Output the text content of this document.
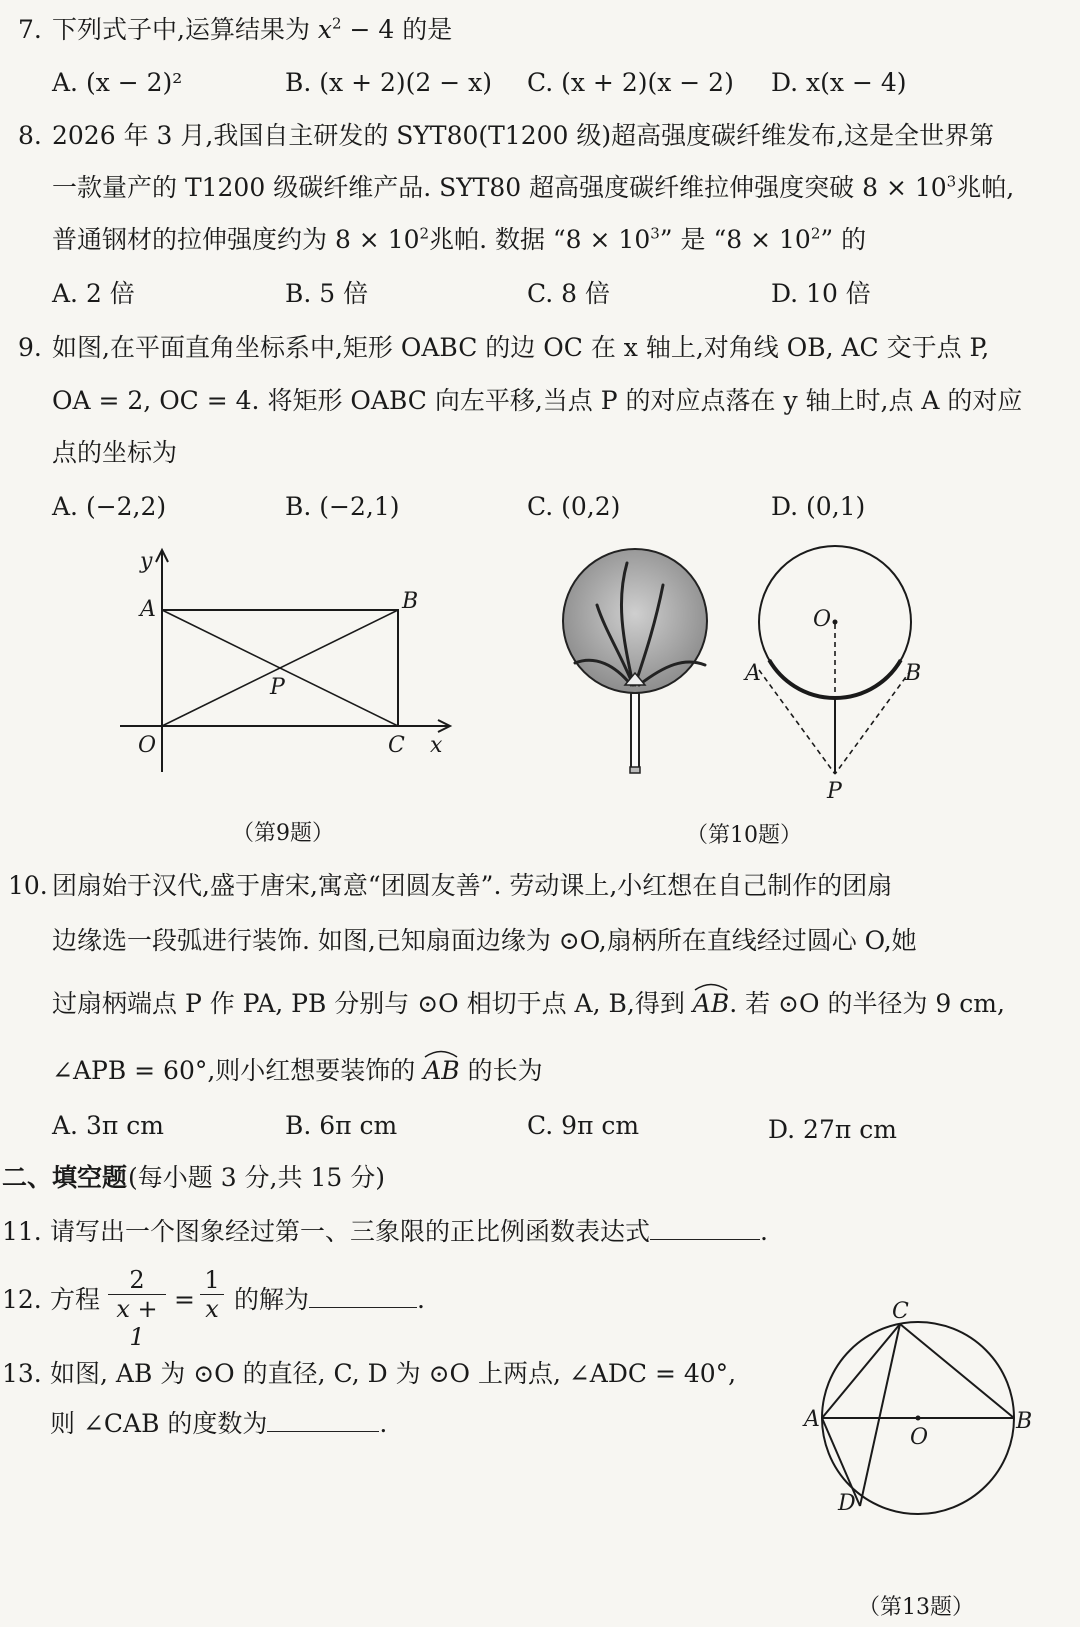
7. 下列式子中,运算结果为 $x^2 - 4$ 的是
A. (x − 2)²	B. (x + 2)(2 − x) C. (x + 2)(x − 2) D. x(x − 4)
8. 2026 年 3 月,我国自主研发的 SYT80(T1200 级)超高强度碳纤维发布,这是全世界第
一款量产的 T1200 级碳纤维产品. SYT80 超高强度碳纤维拉伸强度突破 $8 \times 10^3$兆帕,
普通钢材的拉伸强度约为 $8 \times 10^2$兆帕. 数据 “$8 \times 10^3$” 是 “$8 \times 10^2$” 的
A. 2 倍	B. 5 倍	C. 8 倍	D. 10 倍
9. 如图,在平面直角坐标系中,矩形 OABC 的边 OC 在 x 轴上,对角线 OB, AC 交于点 P,
OA = 2, OC = 4. 将矩形 OABC 向左平移,当点 P 的对应点落在 y 轴上时,点 A 的对应
点的坐标为
A. (−2,2)	B. (−2,1)	C. (0,2)	D. (0,1)
y
x
A	B
O	C
P
（第9题）
O
A	B
P
（第10题）
10. 团扇始于汉代,盛于唐宋,寓意“团圆友善”. 劳动课上,小红想在自己制作的团扇
边缘选一段弧进行装饰. 如图,已知扇面边缘为 ⊙O,扇柄所在直线经过圆心 O,她
过扇柄端点 P 作 PA, PB 分别与 ⊙O 相切于点 A, B,得到
AB. 若 ⊙O 的半径为 9 cm,
∠APB = 60°,则小红想要装饰的
AB 的长为
A. 3π cm	B. 6π cm	C. 9π cm	D. 27π cm
二、填空题 (每小题 3 分,共 15 分)
11. 请写出一个图象经过第一、三象限的正比例函数表达式	.
12. 方程 $\frac{2}{x + 1} = \frac{1}{x}$ 的解为	.
13. 如图, AB 为 ⊙O 的直径, C, D 为 ⊙O 上两点, ∠ADC = 40°,
则 ∠CAB 的度数为	.
C
A
O
B
D
（第13题）
